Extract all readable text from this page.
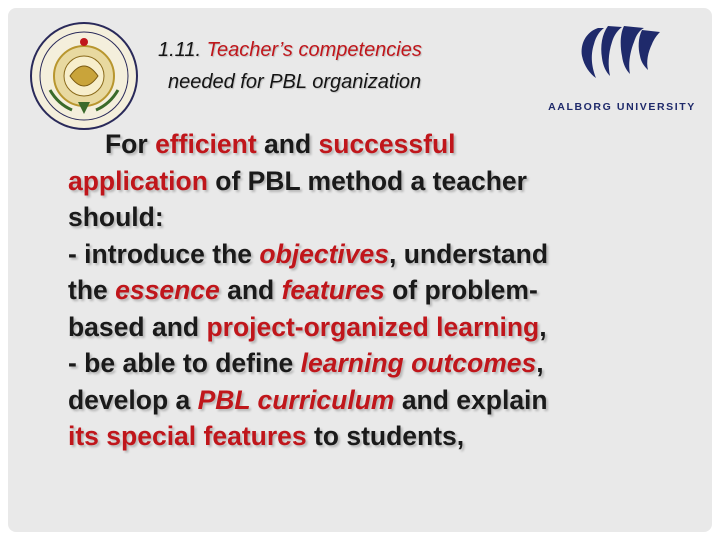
1.11. Teacher’s competencies
needed for PBL organization
AALBORG UNIVERSITY
For efficient and successful
application of PBL method a teacher
should:
- introduce the objectives, understand
the essence and features of problem-
based and project-organized learning,
- be able to define learning outcomes,
develop a PBL curriculum and explain
its special features to students,
